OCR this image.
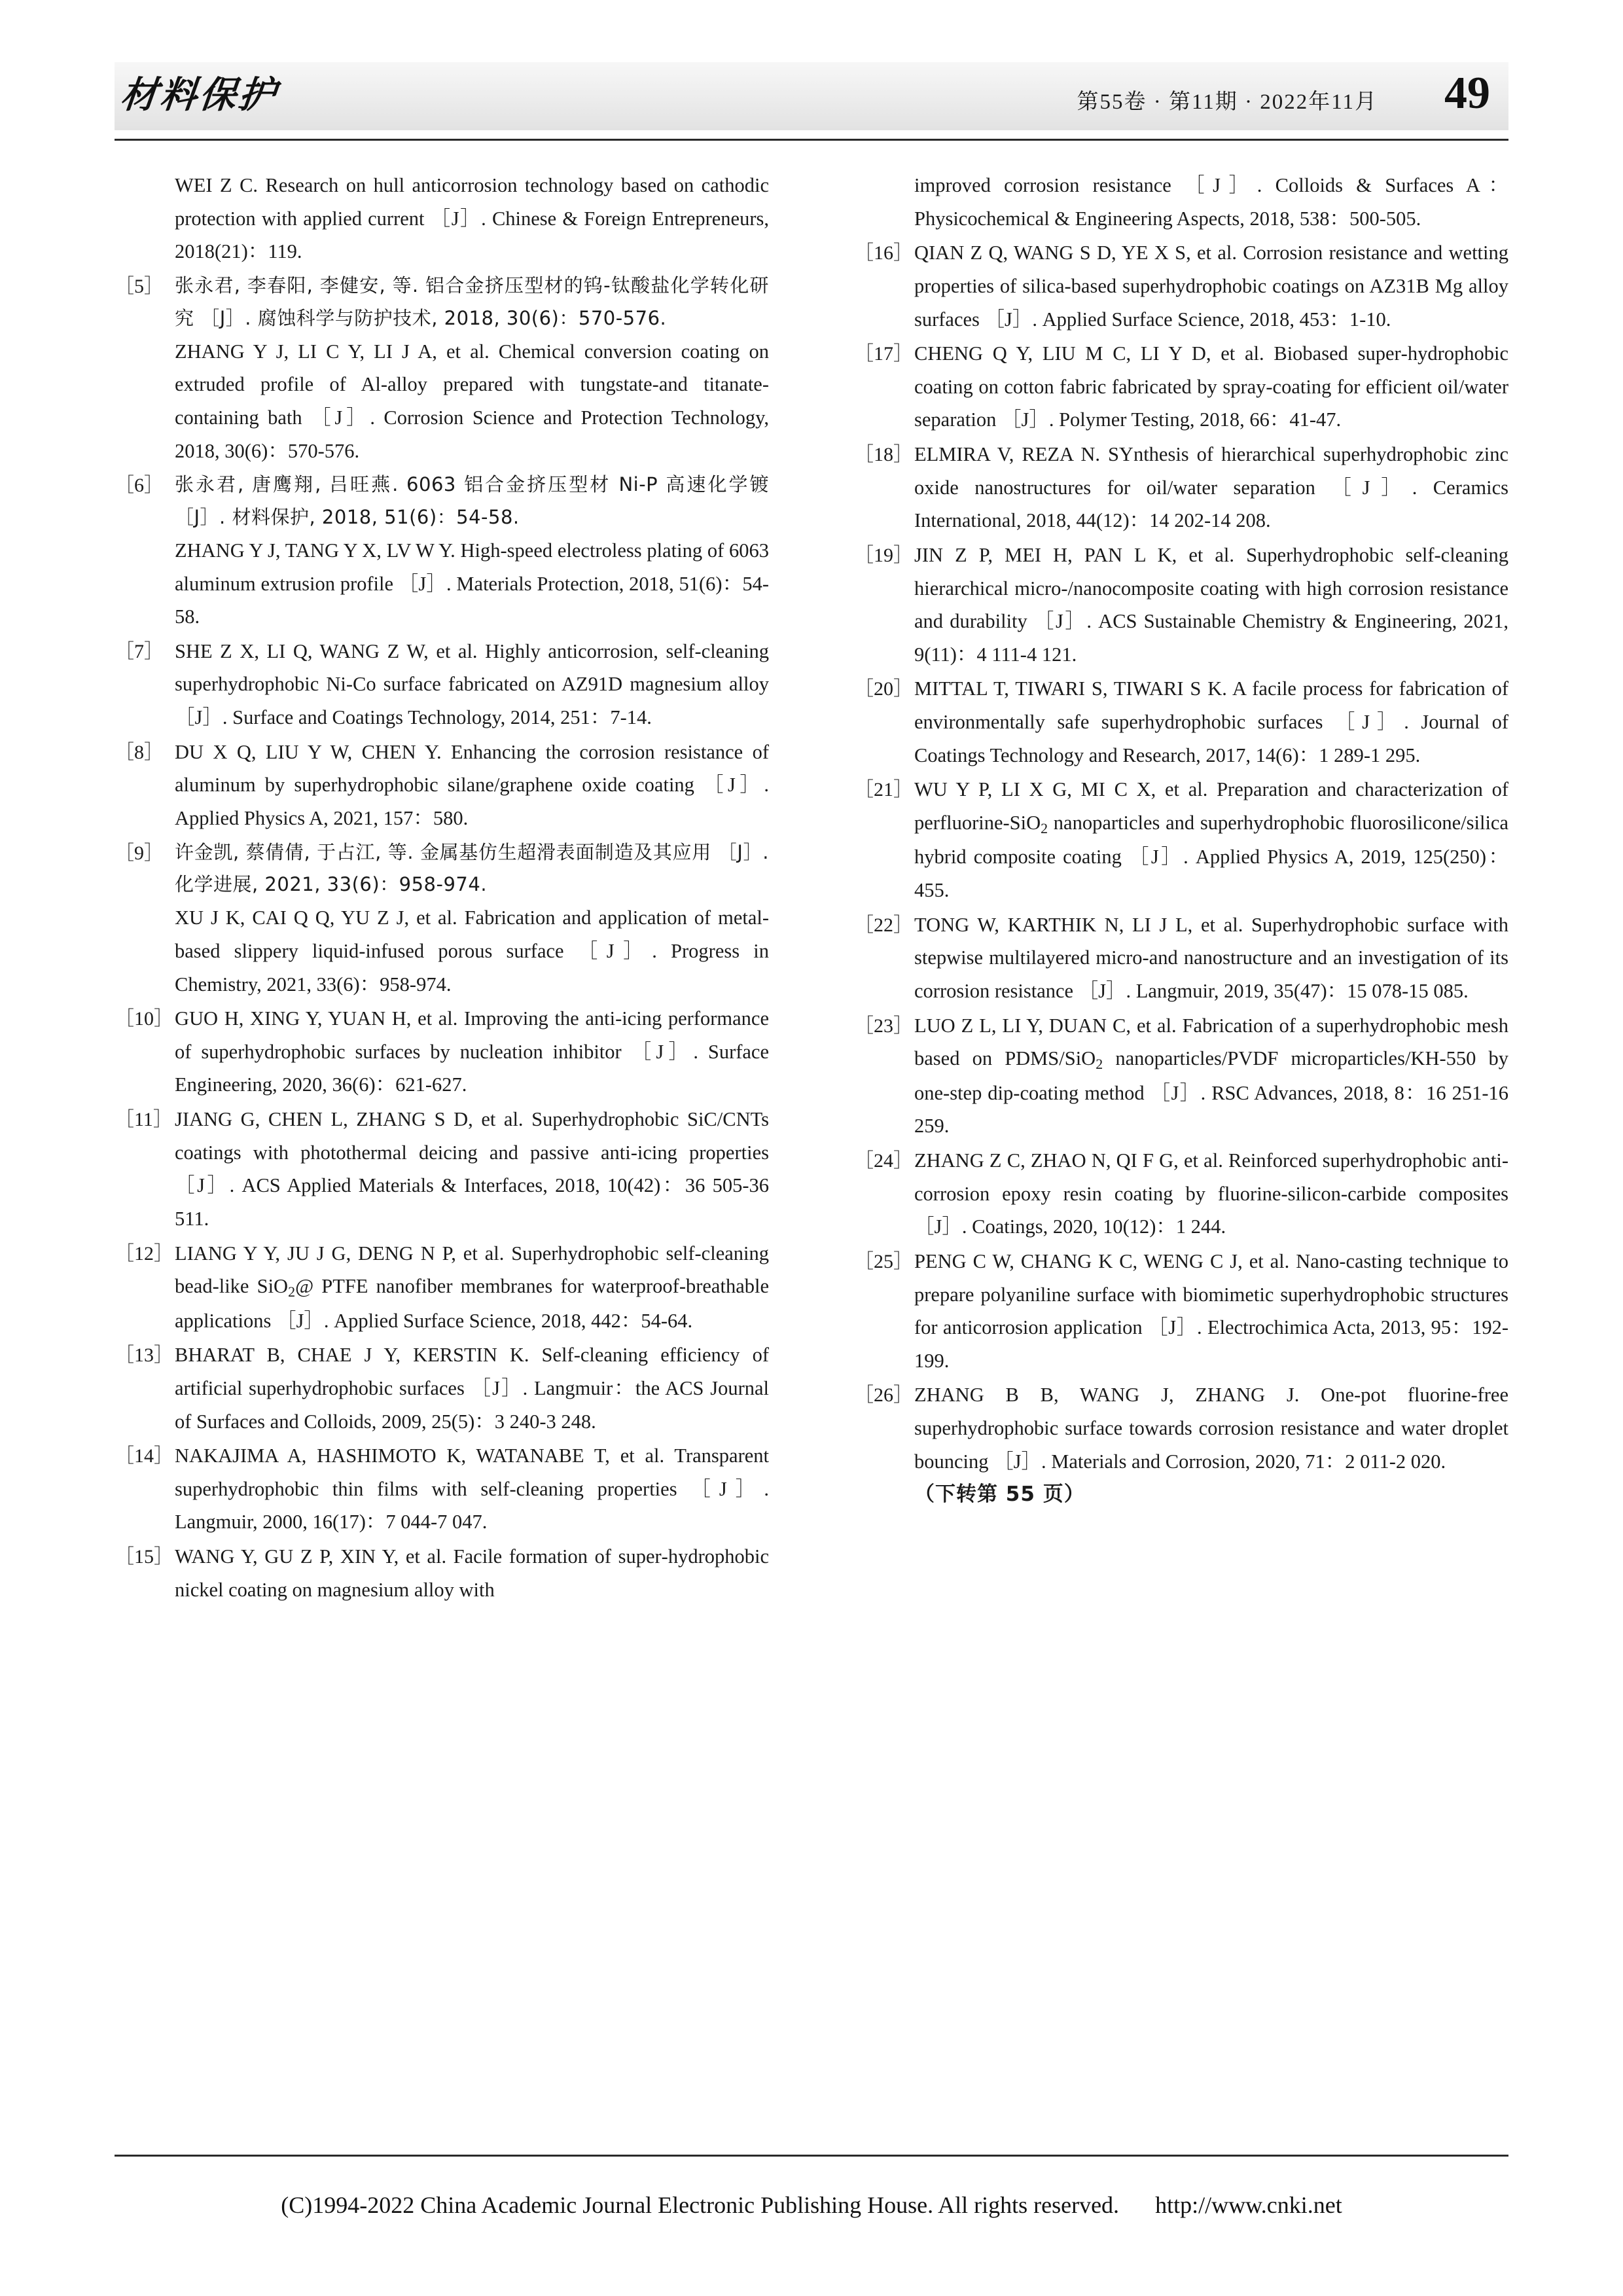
材料保护	第55卷 · 第11期 · 2022年11月 49

WEI Z C. Research on hull anticorrosion technology based on cathodic protection with applied current ［J］. Chinese & Foreign Entrepreneurs, 2018(21)：119.

［5］ 张永君, 李春阳, 李健安, 等. 铝合金挤压型材的钨‐钛酸盐化学转化研究 ［J］. 腐蚀科学与防护技术, 2018, 30(6)：570‐576.

ZHANG Y J, LI C Y, LI J A, et al. Chemical conversion coating on extruded profile of Al‐alloy prepared with tungstate‐and titanate‐containing bath ［J］. Corrosion Science and Protection Technology, 2018, 30(6)：570‐576.

［6］ 张永君, 唐鹰翔, 吕旺燕. 6063 铝合金挤压型材 Ni‐P 高速化学镀 ［J］. 材料保护, 2018, 51(6)：54‐58.

ZHANG Y J, TANG Y X, LV W Y. High‐speed electroless plating of 6063 aluminum extrusion profile ［J］. Materials Protection, 2018, 51(6)：54‐58.

［7］ SHE Z X, LI Q, WANG Z W, et al. Highly anticorrosion, self‐cleaning superhydrophobic Ni‐Co surface fabricated on AZ91D magnesium alloy ［J］. Surface and Coatings Technology, 2014, 251：7‐14.

［8］ DU X Q, LIU Y W, CHEN Y. Enhancing the corrosion resistance of aluminum by superhydrophobic silane/graphene oxide coating ［J］. Applied Physics A, 2021, 157：580.

［9］ 许金凯, 蔡倩倩, 于占江, 等. 金属基仿生超滑表面制造及其应用 ［J］. 化学进展, 2021, 33(6)：958‐974.

XU J K, CAI Q Q, YU Z J, et al. Fabrication and application of metal‐based slippery liquid‐infused porous surface ［J］. Progress in Chemistry, 2021, 33(6)：958‐974.

［10］ GUO H, XING Y, YUAN H, et al. Improving the anti‐icing performance of superhydrophobic surfaces by nucleation inhibitor ［J］. Surface Engineering, 2020, 36(6)：621‐627.

［11］ JIANG G, CHEN L, ZHANG S D, et al. Superhydrophobic SiC/CNTs coatings with photothermal deicing and passive anti‐icing properties ［J］. ACS Applied Materials & Interfaces, 2018, 10(42)：36 505‐36 511.

［12］ LIANG Y Y, JU J G, DENG N P, et al. Superhydrophobic self‐cleaning bead‐like SiO$_2$@ PTFE nanofiber membranes for waterproof‐breathable applications ［J］. Applied Surface Science, 2018, 442：54‐64.

［13］ BHARAT B, CHAE J Y, KERSTIN K. Self‐cleaning efficiency of artificial superhydrophobic surfaces ［J］. Langmuir：the ACS Journal of Surfaces and Colloids, 2009, 25(5)：3 240‐3 248.

［14］ NAKAJIMA A, HASHIMOTO K, WATANABE T, et al. Transparent superhydrophobic thin films with self‐cleaning properties ［J］. Langmuir, 2000, 16(17)：7 044‐7 047.

［15］ WANG Y, GU Z P, XIN Y, et al. Facile formation of super‐hydrophobic nickel coating on magnesium alloy with

improved corrosion resistance ［J］. Colloids & Surfaces A：Physicochemical & Engineering Aspects, 2018, 538：500‐505.

［16］ QIAN Z Q, WANG S D, YE X S, et al. Corrosion resistance and wetting properties of silica‐based superhydrophobic coatings on AZ31B Mg alloy surfaces ［J］. Applied Surface Science, 2018, 453：1‐10.

［17］ CHENG Q Y, LIU M C, LI Y D, et al. Biobased super‐hydrophobic coating on cotton fabric fabricated by spray‐coating for efficient oil/water separation ［J］. Polymer Testing, 2018, 66：41‐47.

［18］ ELMIRA V, REZA N. SYnthesis of hierarchical superhydrophobic zinc oxide nanostructures for oil/water separation ［J］. Ceramics International, 2018, 44(12)：14 202‐14 208.

［19］ JIN Z P, MEI H, PAN L K, et al. Superhydrophobic self‐cleaning hierarchical micro‐/nanocomposite coating with high corrosion resistance and durability ［J］. ACS Sustainable Chemistry & Engineering, 2021, 9(11)：4 111‐4 121.

［20］ MITTAL T, TIWARI S, TIWARI S K. A facile process for fabrication of environmentally safe superhydrophobic surfaces ［J］. Journal of Coatings Technology and Research, 2017, 14(6)：1 289‐1 295.

［21］ WU Y P, LI X G, MI C X, et al. Preparation and characterization of perfluorine‐SiO$_2$ nanoparticles and superhydrophobic fluorosilicone/silica hybrid composite coating ［J］. Applied Physics A, 2019, 125(250)：455.

［22］ TONG W, KARTHIK N, LI J L, et al. Superhydrophobic surface with stepwise multilayered micro‐and nanostructure and an investigation of its corrosion resistance ［J］. Langmuir, 2019, 35(47)：15 078‐15 085.

［23］ LUO Z L, LI Y, DUAN C, et al. Fabrication of a superhydrophobic mesh based on PDMS/SiO$_2$ nanoparticles/PVDF microparticles/KH‐550 by one‐step dip‐coating method ［J］. RSC Advances, 2018, 8：16 251‐16 259.

［24］ ZHANG Z C, ZHAO N, QI F G, et al. Reinforced superhydrophobic anti‐corrosion epoxy resin coating by fluorine‐silicon‐carbide composites ［J］. Coatings, 2020, 10(12)：1 244.

［25］ PENG C W, CHANG K C, WENG C J, et al. Nano‐casting technique to prepare polyaniline surface with biomimetic superhydrophobic structures for anticorrosion application ［J］. Electrochimica Acta, 2013, 95：192‐199.

［26］ ZHANG B B, WANG J, ZHANG J. One‐pot fluorine‐free superhydrophobic surface towards corrosion resistance and water droplet bouncing ［J］. Materials and Corrosion, 2020, 71：2 011‐2 020.

（下转第 55 页）

(C)1994-2022 China Academic Journal Electronic Publishing House. All rights reserved. http://www.cnki.net
